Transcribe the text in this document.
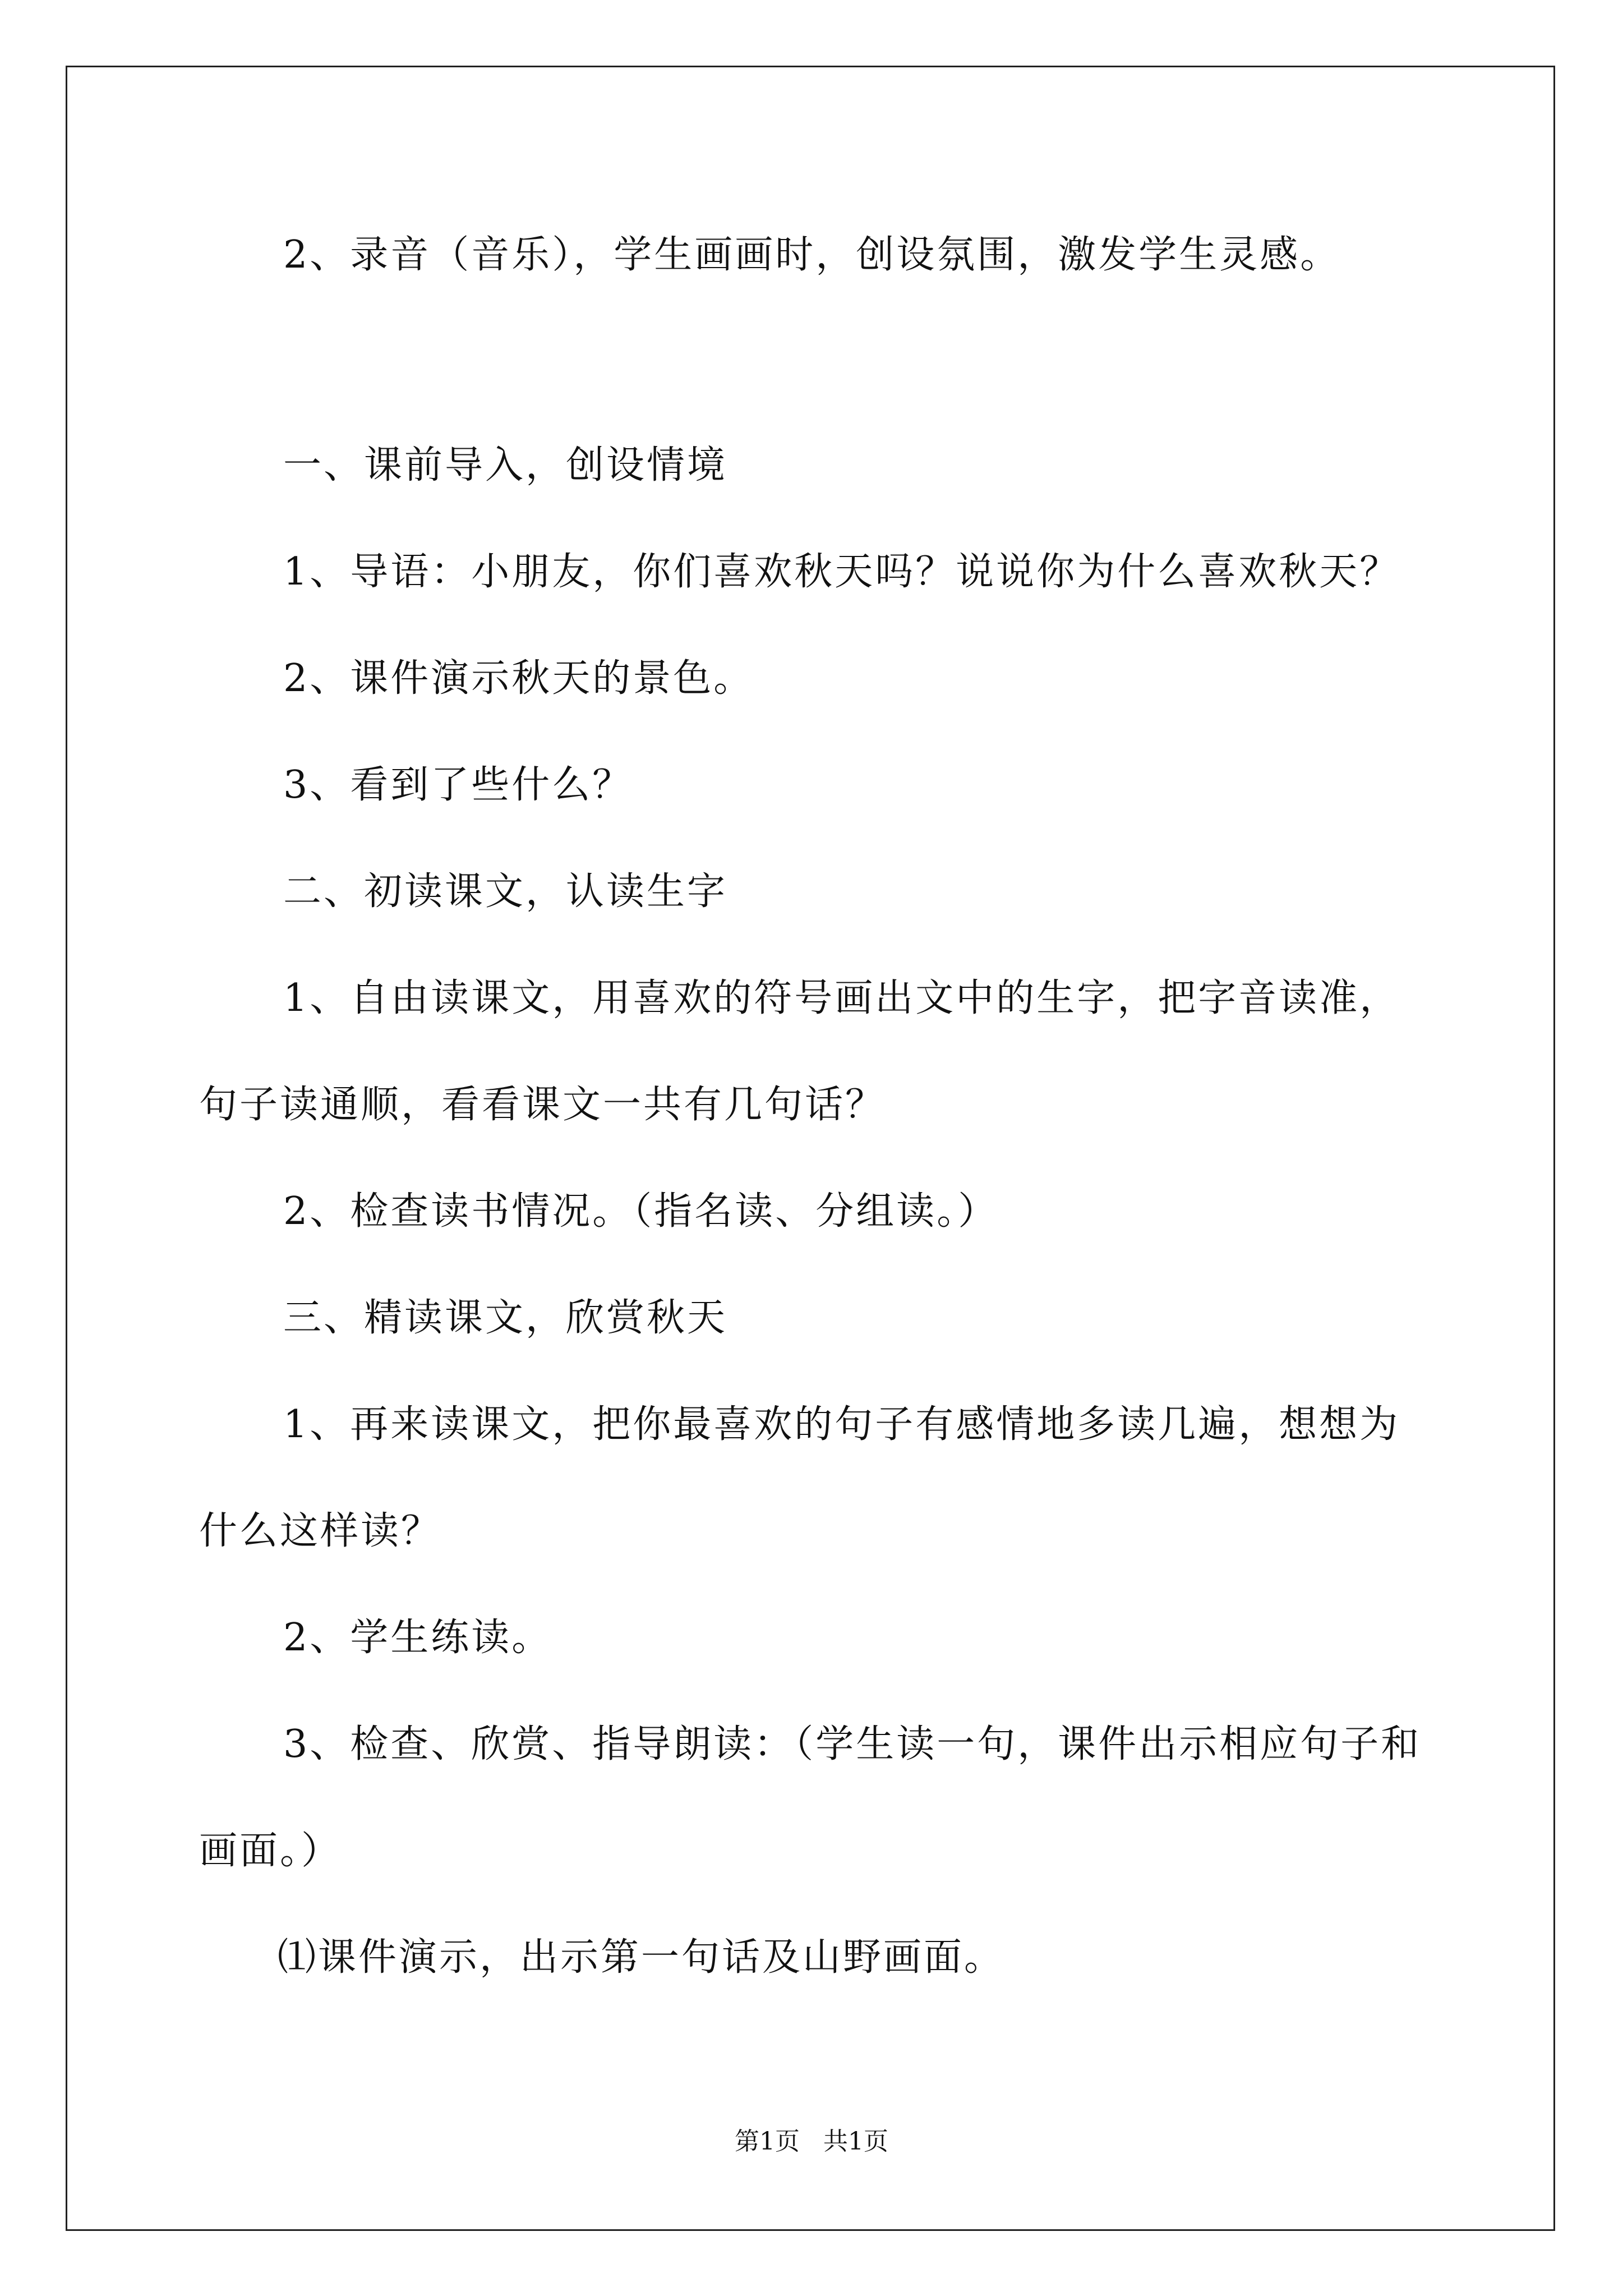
2、录音（音乐），学生画画时，创设氛围，激发学生灵感。
一、课前导入，创设情境
1、导语：小朋友，你们喜欢秋天吗？说说你为什么喜欢秋天？
2、课件演示秋天的景色。
3、看到了些什么？
二、初读课文，认读生字
1、自由读课文，用喜欢的符号画出文中的生字，把字音读准，
句子读通顺，看看课文一共有几句话？
2、检查读书情况。（指名读、分组读。）
三、精读课文，欣赏秋天
1、再来读课文，把你最喜欢的句子有感情地多读几遍，想想为
什么这样读？
2、学生练读。
3、检查、欣赏、指导朗读：（学生读一句，课件出示相应句子和
画面。）
⑴课件演示，出示第一句话及山野画面。
第1页   共1页
